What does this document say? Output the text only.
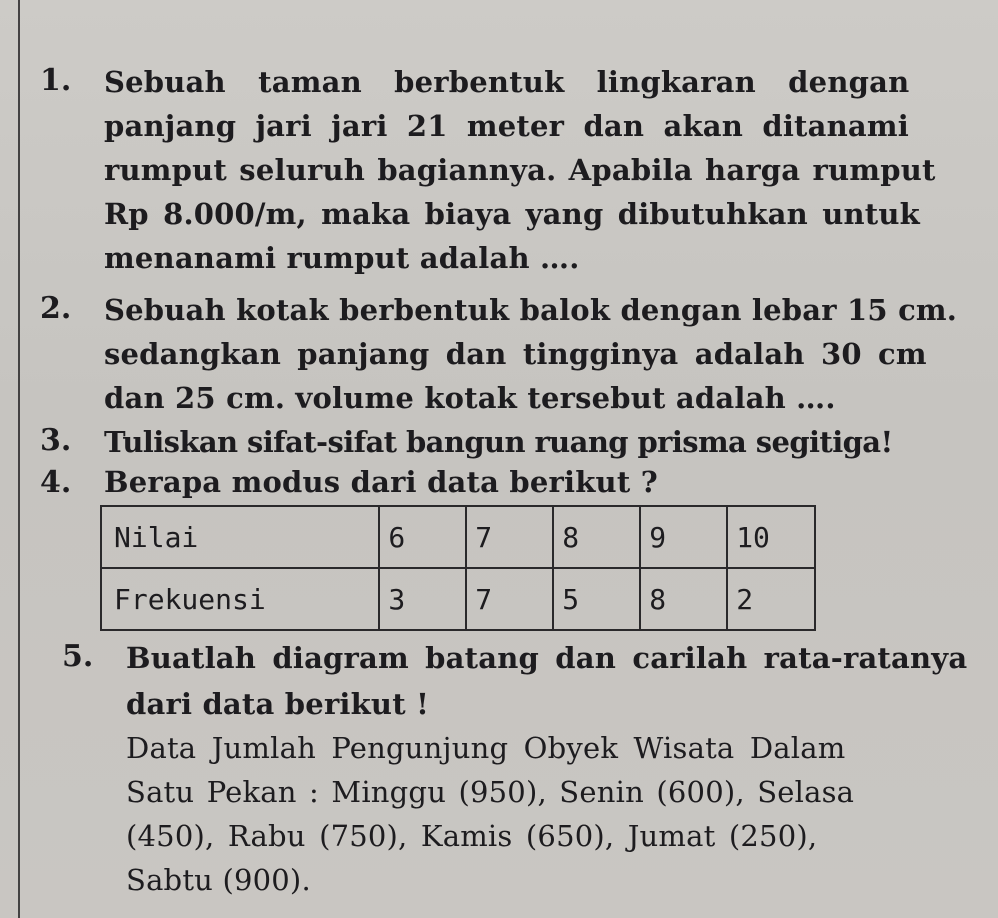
1. Sebuah taman berbentuk lingkaran dengan
panjang jari jari 21 meter dan akan ditanami
rumput seluruh bagiannya. Apabila harga rumput
Rp 8.000/m, maka biaya yang dibutuhkan untuk
menanami rumput adalah ….
2. Sebuah kotak berbentuk balok dengan lebar 15 cm.
sedangkan panjang dan tingginya adalah 30 cm
dan 25 cm. volume kotak tersebut adalah ….
3. Tuliskan sifat-sifat bangun ruang prisma segitiga!
4. Berapa modus dari data berikut ?
Nilai	6	7	8	9	10
Frekuensi	3	7	5	8	2
5. Buatlah diagram batang dan carilah rata-ratanya
dari data berikut !
Data Jumlah Pengunjung Obyek Wisata Dalam
Satu Pekan : Minggu (950), Senin (600), Selasa
(450), Rabu (750), Kamis (650), Jumat (250),
Sabtu (900).
